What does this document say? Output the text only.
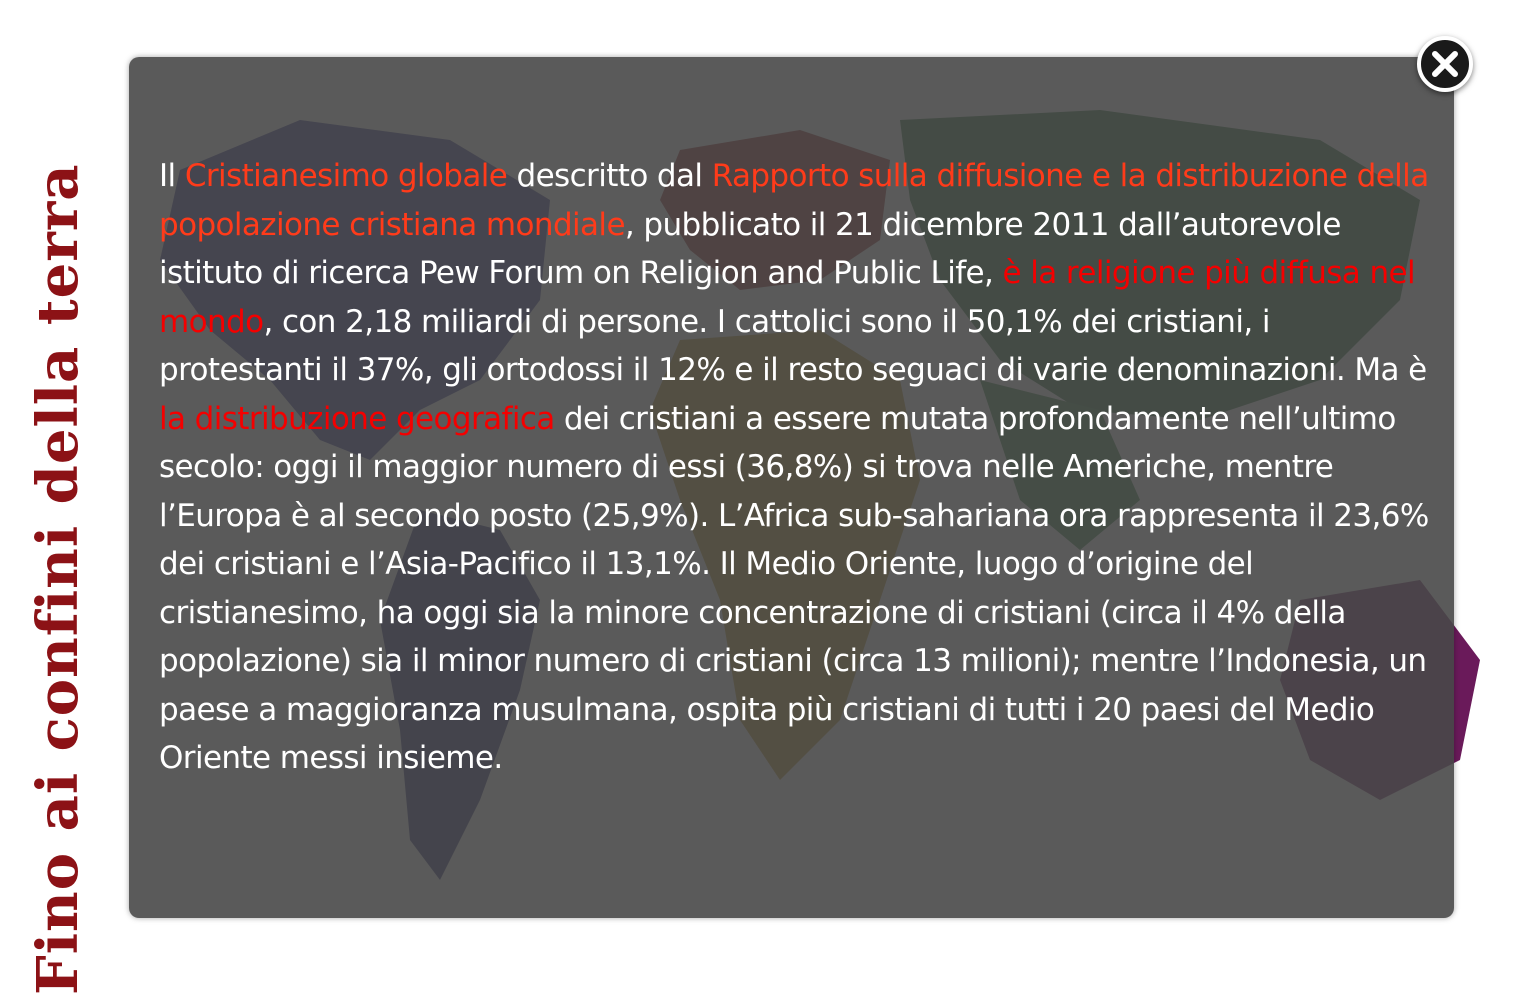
Fino ai confini della terra Il Cristianesimo globale descritto dal Rapporto sulla diffusione e la distribuzione della popolazione cristiana mondiale, pubblicato il 21 dicembre 2011 dall’autorevole istituto di ricerca Pew Forum on Religion and Public Life, è la religione più diffusa nel mondo, con 2,18 miliardi di persone. I cattolici sono il 50,1% dei cristiani, i protestanti il 37%, gli ortodossi il 12% e il resto seguaci di varie denominazioni. Ma è la distribuzione geografica dei cristiani a essere mutata profondamente nell’ultimo secolo: oggi il maggior numero di essi (36,8%) si trova nelle Americhe, mentre l’Europa è al secondo posto (25,9%). L’Africa sub-sahariana ora rappresenta il 23,6% dei cristiani e l’Asia-Pacifico il 13,1%. Il Medio Oriente, luogo d’origine del cristianesimo, ha oggi sia la minore concentrazione di cristiani (circa il 4% della popolazione) sia il minor numero di cristiani (circa 13 milioni); mentre l’Indonesia, un paese a maggioranza musulmana, ospita più cristiani di tutti i 20 paesi del Medio Oriente messi insieme.
